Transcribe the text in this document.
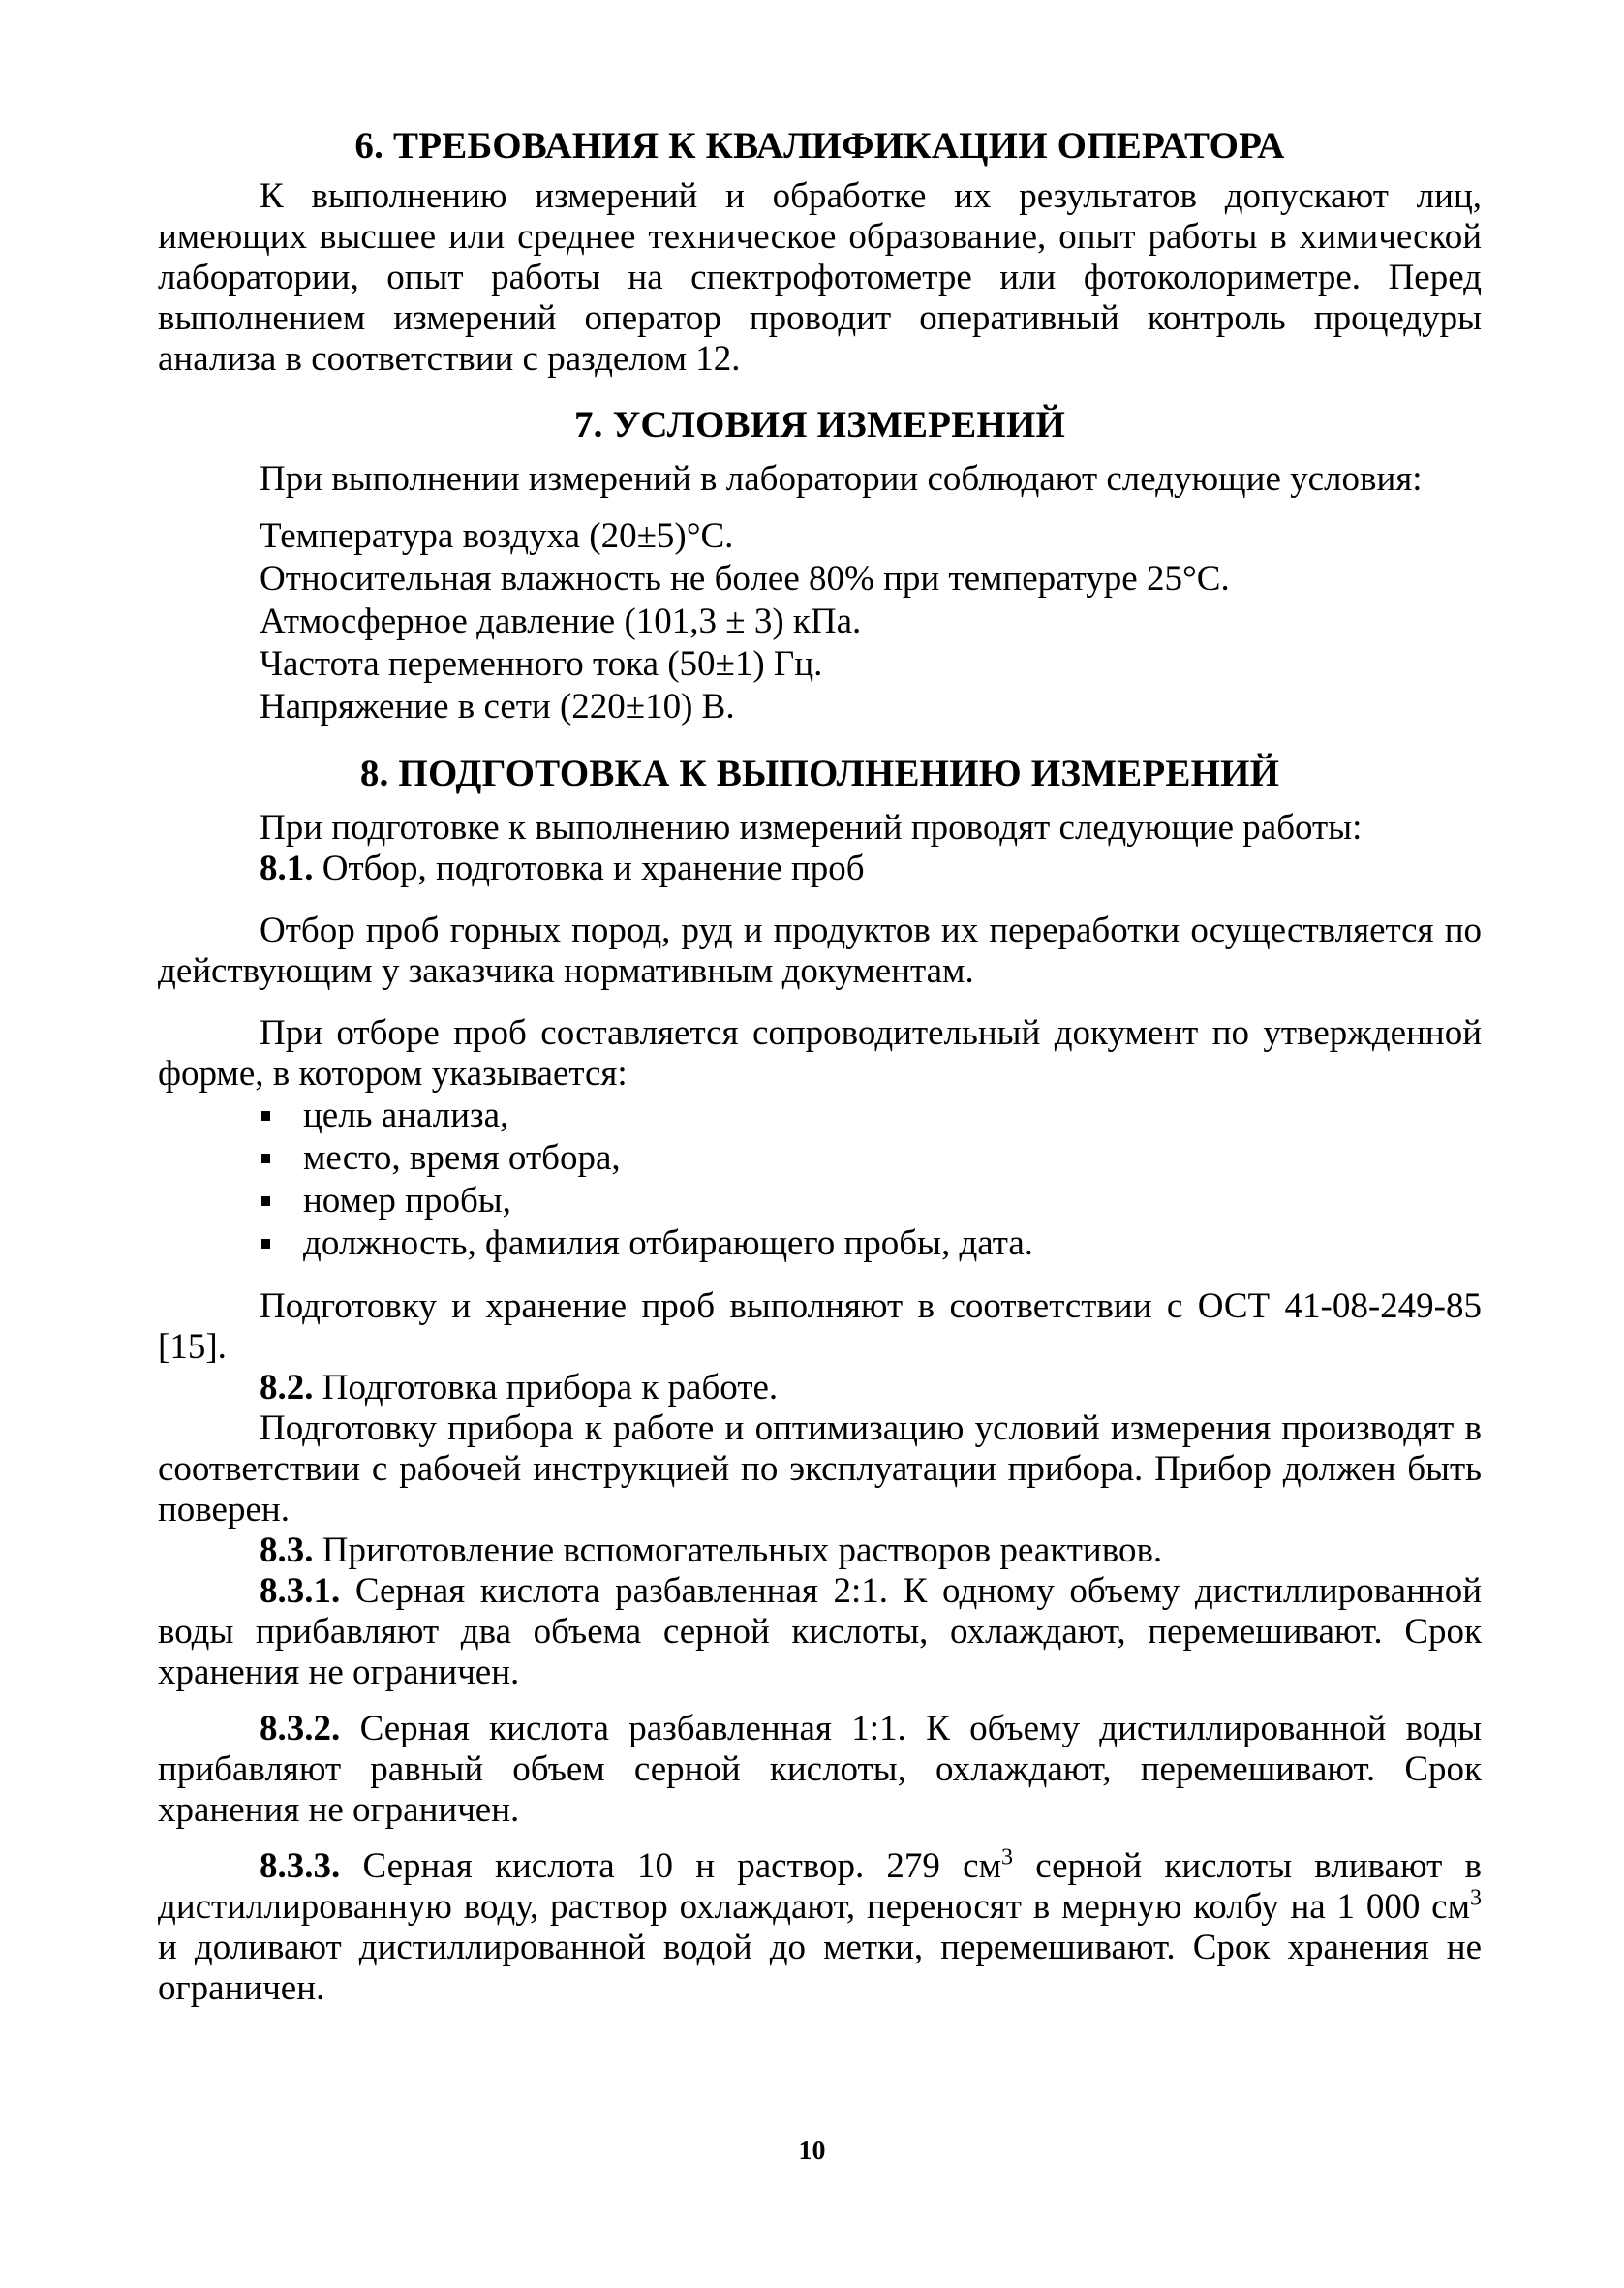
6. ТРЕБОВАНИЯ К КВАЛИФИКАЦИИ ОПЕРАТОРА

К выполнению измерений и обработке их результатов допускают лиц, имеющих высшее или среднее техническое образование, опыт работы в химической лаборатории, опыт работы на спектрофотометре или фотоколориметре. Перед выполнением измерений оператор проводит оперативный контроль процедуры анализа в соответствии с разделом 12.

7. УСЛОВИЯ ИЗМЕРЕНИЙ

При выполнении измерений в лаборатории соблюдают следующие условия:

Температура воздуха (20±5)°С.

Относительная влажность не более 80% при температуре 25°С.

Атмосферное давление (101,3 ± 3) кПа.

Частота переменного тока (50±1) Гц.

Напряжение в сети (220±10) В.

8. ПОДГОТОВКА К ВЫПОЛНЕНИЮ ИЗМЕРЕНИЙ

При подготовке к выполнению измерений проводят следующие работы:

8.1. Отбор, подготовка и хранение проб

Отбор проб горных пород, руд и продуктов их переработки осуществляется по действующим у заказчика нормативным документам.

При отборе проб составляется сопроводительный документ по утвержденной форме, в котором указывается:

цель анализа,
место, время отбора,
номер пробы,
должность, фамилия отбирающего пробы, дата.

Подготовку и хранение проб выполняют в соответствии с ОСТ 41-08-249-85 [15].

8.2. Подготовка прибора к работе.

Подготовку прибора к работе и оптимизацию условий измерения производят в соответствии с рабочей инструкцией по эксплуатации прибора. Прибор должен быть поверен.

8.3. Приготовление вспомогательных растворов реактивов.

8.3.1. Серная кислота разбавленная 2:1. К одному объему дистиллированной воды прибавляют два объема серной кислоты, охлаждают, перемешивают. Срок хранения не ограничен.

8.3.2. Серная кислота разбавленная 1:1. К объему дистиллированной воды прибавляют равный объем серной кислоты, охлаждают, перемешивают. Срок хранения не ограничен.

8.3.3. Серная кислота 10 н раствор. 279 $см^3$ серной кислоты вливают в дистиллированную воду, раствор охлаждают, переносят в мерную колбу на 1 000 $см^3$ и доливают дистиллированной водой до метки, перемешивают. Срок хранения не ограничен.

10
